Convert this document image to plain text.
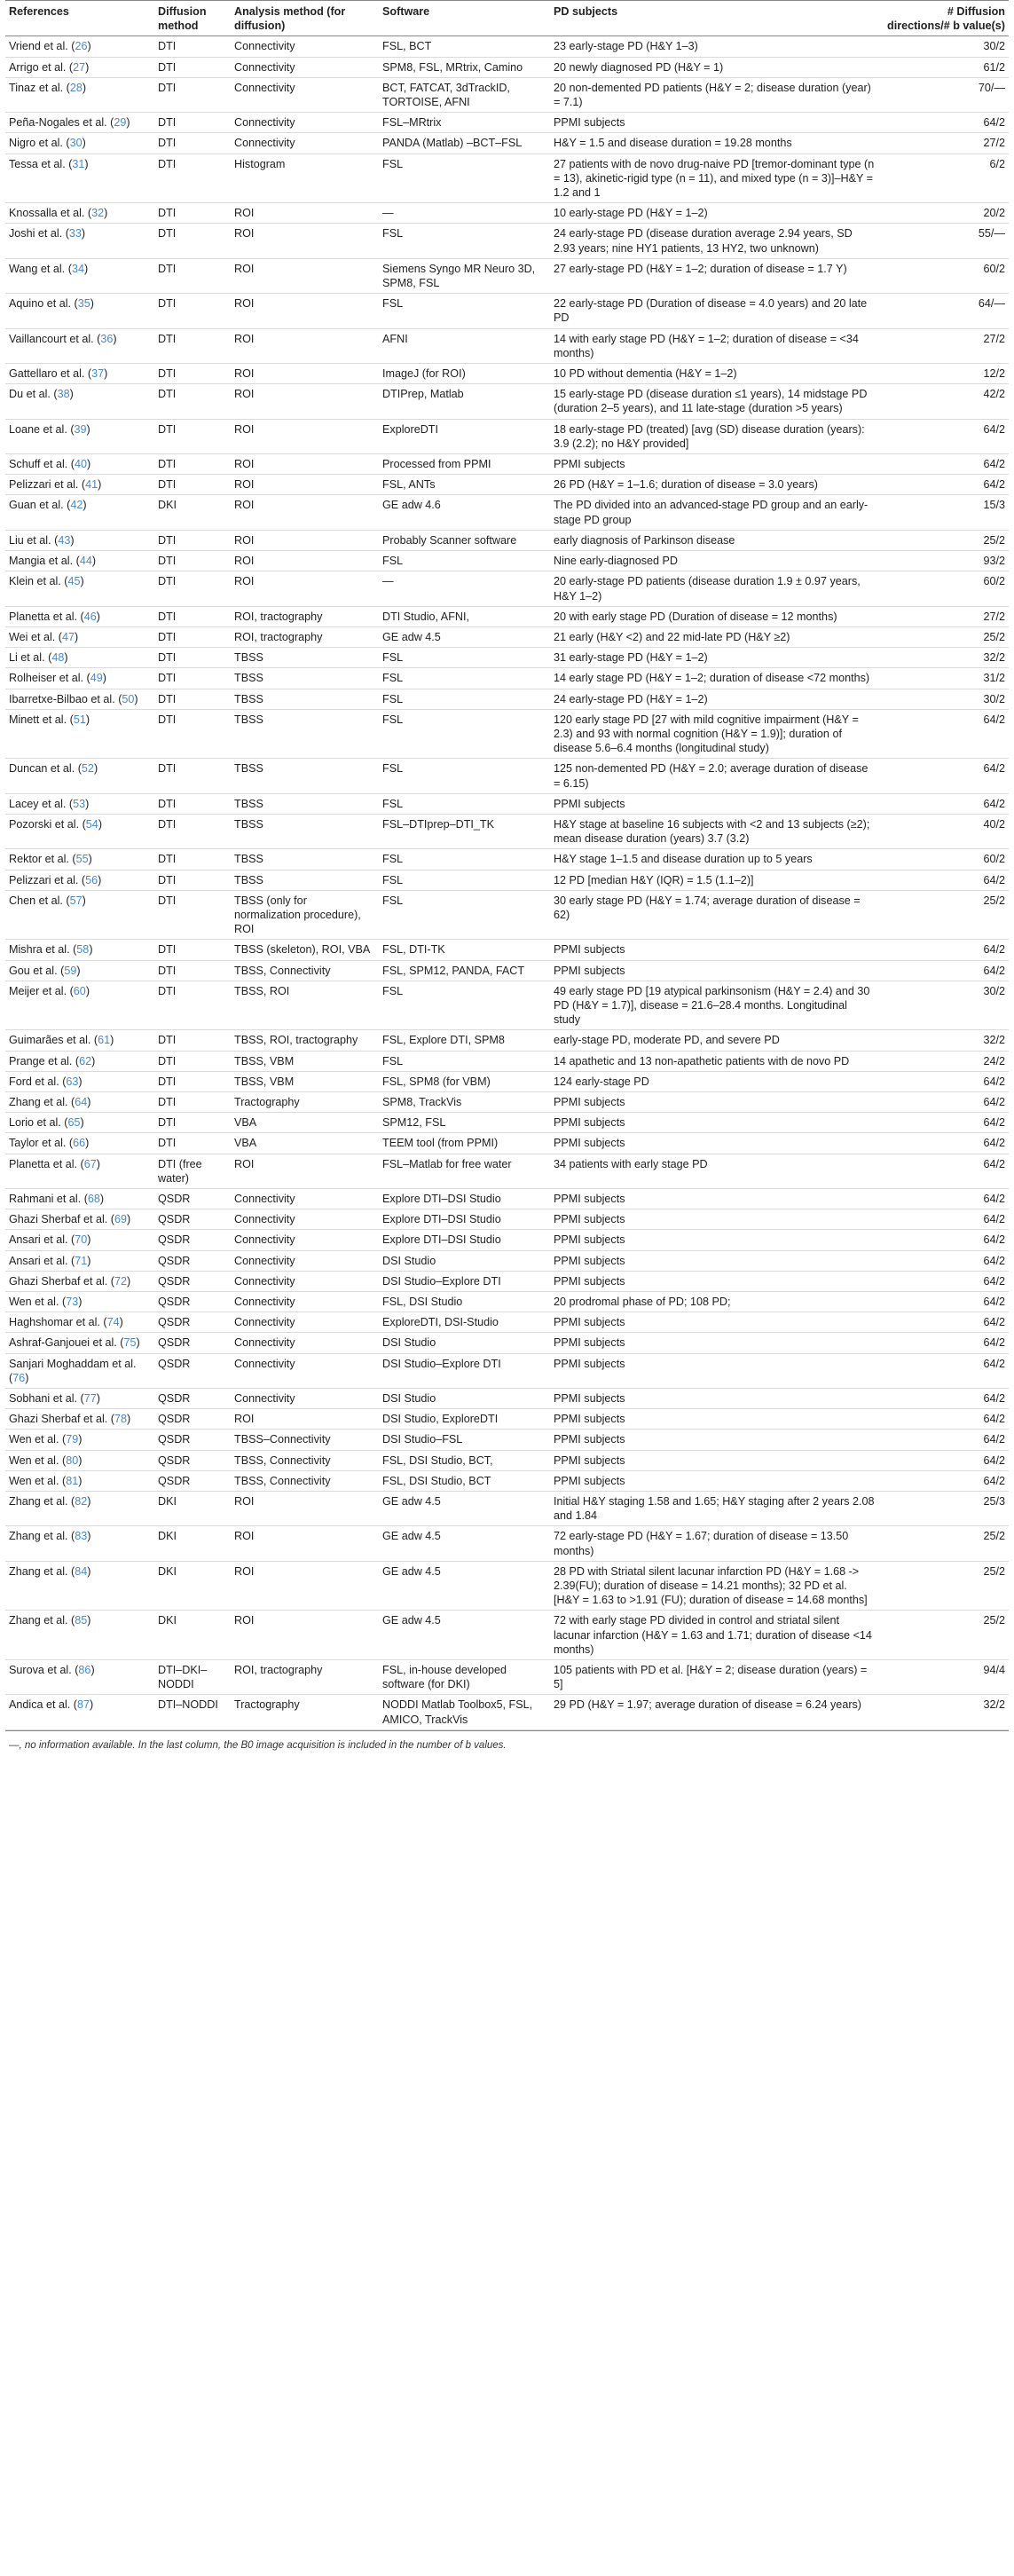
References	Diffusion method	Analysis method (for diffusion)	Software	PD subjects	# Diffusion directions/# b value(s)
Vriend et al. (26)	DTI	Connectivity	FSL, BCT	23 early-stage PD (H&Y 1–3)	30/2
Arrigo et al. (27)	DTI	Connectivity	SPM8, FSL, MRtrix, Camino	20 newly diagnosed PD (H&Y = 1)	61/2
Tinaz et al. (28)	DTI	Connectivity	BCT, FATCAT, 3dTrackID, TORTOISE, AFNI	20 non-demented PD patients (H&Y = 2; disease duration (year) = 7.1)	70/—
Peña-Nogales et al. (29)	DTI	Connectivity	FSL–MRtrix	PPMI subjects	64/2
Nigro et al. (30)	DTI	Connectivity	PANDA (Matlab) –BCT–FSL	H&Y = 1.5 and disease duration = 19.28 months	27/2
Tessa et al. (31)	DTI	Histogram	FSL	27 patients with de novo drug-naive PD [tremor-dominant type (n = 13), akinetic-rigid type (n = 11), and mixed type (n = 3)]–H&Y = 1.2 and 1	6/2
Knossalla et al. (32)	DTI	ROI	—	10 early-stage PD (H&Y = 1–2)	20/2
Joshi et al. (33)	DTI	ROI	FSL	24 early-stage PD (disease duration average 2.94 years, SD 2.93 years; nine HY1 patients, 13 HY2, two unknown)	55/—
Wang et al. (34)	DTI	ROI	Siemens Syngo MR Neuro 3D, SPM8, FSL	27 early-stage PD (H&Y = 1–2; duration of disease = 1.7 Y)	60/2
Aquino et al. (35)	DTI	ROI	FSL	22 early-stage PD (Duration of disease = 4.0 years) and 20 late PD	64/—
Vaillancourt et al. (36)	DTI	ROI	AFNI	14 with early stage PD (H&Y = 1–2; duration of disease = <34 months)	27/2
Gattellaro et al. (37)	DTI	ROI	ImageJ (for ROI)	10 PD without dementia (H&Y = 1–2)	12/2
Du et al. (38)	DTI	ROI	DTIPrep, Matlab	15 early-stage PD (disease duration ≤1 years), 14 midstage PD (duration 2–5 years), and 11 late-stage (duration >5 years)	42/2
Loane et al. (39)	DTI	ROI	ExploreDTI	18 early-stage PD (treated) [avg (SD) disease duration (years): 3.9 (2.2); no H&Y provided]	64/2
Schuff et al. (40)	DTI	ROI	Processed from PPMI	PPMI subjects	64/2
Pelizzari et al. (41)	DTI	ROI	FSL, ANTs	26 PD (H&Y = 1–1.6; duration of disease = 3.0 years)	64/2
Guan et al. (42)	DKI	ROI	GE adw 4.6	The PD divided into an advanced-stage PD group and an early-stage PD group	15/3
Liu et al. (43)	DTI	ROI	Probably Scanner software	early diagnosis of Parkinson disease	25/2
Mangia et al. (44)	DTI	ROI	FSL	Nine early-diagnosed PD	93/2
Klein et al. (45)	DTI	ROI	—	20 early-stage PD patients (disease duration 1.9 ± 0.97 years, H&Y 1–2)	60/2
Planetta et al. (46)	DTI	ROI, tractography	DTI Studio, AFNI,	20 with early stage PD (Duration of disease = 12 months)	27/2
Wei et al. (47)	DTI	ROI, tractography	GE adw 4.5	21 early (H&Y <2) and 22 mid-late PD (H&Y ≥2)	25/2
Li et al. (48)	DTI	TBSS	FSL	31 early-stage PD (H&Y = 1–2)	32/2
Rolheiser et al. (49)	DTI	TBSS	FSL	14 early stage PD (H&Y = 1–2; duration of disease <72 months)	31/2
Ibarretxe-Bilbao et al. (50)	DTI	TBSS	FSL	24 early-stage PD (H&Y = 1–2)	30/2
Minett et al. (51)	DTI	TBSS	FSL	120 early stage PD [27 with mild cognitive impairment (H&Y = 2.3) and 93 with normal cognition (H&Y = 1.9)]; duration of disease 5.6–6.4 months (longitudinal study)	64/2
Duncan et al. (52)	DTI	TBSS	FSL	125 non-demented PD (H&Y = 2.0; average duration of disease = 6.15)	64/2
Lacey et al. (53)	DTI	TBSS	FSL	PPMI subjects	64/2
Pozorski et al. (54)	DTI	TBSS	FSL–DTIprep–DTI_TK	H&Y stage at baseline 16 subjects with <2 and 13 subjects (≥2); mean disease duration (years) 3.7 (3.2)	40/2
Rektor et al. (55)	DTI	TBSS	FSL	H&Y stage 1–1.5 and disease duration up to 5 years	60/2
Pelizzari et al. (56)	DTI	TBSS	FSL	12 PD [median H&Y (IQR) = 1.5 (1.1–2)]	64/2
Chen et al. (57)	DTI	TBSS (only for normalization procedure), ROI	FSL	30 early stage PD (H&Y = 1.74; average duration of disease = 62)	25/2
Mishra et al. (58)	DTI	TBSS (skeleton), ROI, VBA	FSL, DTI-TK	PPMI subjects	64/2
Gou et al. (59)	DTI	TBSS, Connectivity	FSL, SPM12, PANDA, FACT	PPMI subjects	64/2
Meijer et al. (60)	DTI	TBSS, ROI	FSL	49 early stage PD [19 atypical parkinsonism (H&Y = 2.4) and 30 PD (H&Y = 1.7)], disease = 21.6–28.4 months. Longitudinal study	30/2
Guimarães et al. (61)	DTI	TBSS, ROI, tractography	FSL, Explore DTI, SPM8	early-stage PD, moderate PD, and severe PD	32/2
Prange et al. (62)	DTI	TBSS, VBM	FSL	14 apathetic and 13 non-apathetic patients with de novo PD	24/2
Ford et al. (63)	DTI	TBSS, VBM	FSL, SPM8 (for VBM)	124 early-stage PD	64/2
Zhang et al. (64)	DTI	Tractography	SPM8, TrackVis	PPMI subjects	64/2
Lorio et al. (65)	DTI	VBA	SPM12, FSL	PPMI subjects	64/2
Taylor et al. (66)	DTI	VBA	TEEM tool (from PPMI)	PPMI subjects	64/2
Planetta et al. (67)	DTI (free water)	ROI	FSL–Matlab for free water	34 patients with early stage PD	64/2
Rahmani et al. (68)	QSDR	Connectivity	Explore DTI–DSI Studio	PPMI subjects	64/2
Ghazi Sherbaf et al. (69)	QSDR	Connectivity	Explore DTI–DSI Studio	PPMI subjects	64/2
Ansari et al. (70)	QSDR	Connectivity	Explore DTI–DSI Studio	PPMI subjects	64/2
Ansari et al. (71)	QSDR	Connectivity	DSI Studio	PPMI subjects	64/2
Ghazi Sherbaf et al. (72)	QSDR	Connectivity	DSI Studio–Explore DTI	PPMI subjects	64/2
Wen et al. (73)	QSDR	Connectivity	FSL, DSI Studio	20 prodromal phase of PD; 108 PD;	64/2
Haghshomar et al. (74)	QSDR	Connectivity	ExploreDTI, DSI-Studio	PPMI subjects	64/2
Ashraf-Ganjouei et al. (75)	QSDR	Connectivity	DSI Studio	PPMI subjects	64/2
Sanjari Moghaddam et al. (76)	QSDR	Connectivity	DSI Studio–Explore DTI	PPMI subjects	64/2
Sobhani et al. (77)	QSDR	Connectivity	DSI Studio	PPMI subjects	64/2
Ghazi Sherbaf et al. (78)	QSDR	ROI	DSI Studio, ExploreDTI	PPMI subjects	64/2
Wen et al. (79)	QSDR	TBSS–Connectivity	DSI Studio–FSL	PPMI subjects	64/2
Wen et al. (80)	QSDR	TBSS, Connectivity	FSL, DSI Studio, BCT,	PPMI subjects	64/2
Wen et al. (81)	QSDR	TBSS, Connectivity	FSL, DSI Studio, BCT	PPMI subjects	64/2
Zhang et al. (82)	DKI	ROI	GE adw 4.5	Initial H&Y staging 1.58 and 1.65; H&Y staging after 2 years 2.08 and 1.84	25/3
Zhang et al. (83)	DKI	ROI	GE adw 4.5	72 early-stage PD (H&Y = 1.67; duration of disease = 13.50 months)	25/2
Zhang et al. (84)	DKI	ROI	GE adw 4.5	28 PD with Striatal silent lacunar infarction PD (H&Y = 1.68 -> 2.39(FU); duration of disease = 14.21 months); 32 PD et al. [H&Y = 1.63 to >1.91 (FU); duration of disease = 14.68 months]	25/2
Zhang et al. (85)	DKI	ROI	GE adw 4.5	72 with early stage PD divided in control and striatal silent lacunar infarction (H&Y = 1.63 and 1.71; duration of disease <14 months)	25/2
Surova et al. (86)	DTI–DKI–NODDI	ROI, tractography	FSL, in-house developed software (for DKI)	105 patients with PD et al. [H&Y = 2; disease duration (years) = 5]	94/4
Andica et al. (87)	DTI–NODDI	Tractography	NODDI Matlab Toolbox5, FSL, AMICO, TrackVis	29 PD (H&Y = 1.97; average duration of disease = 6.24 years)	32/2
—, no information available. In the last column, the B0 image acquisition is included in the number of b values.
